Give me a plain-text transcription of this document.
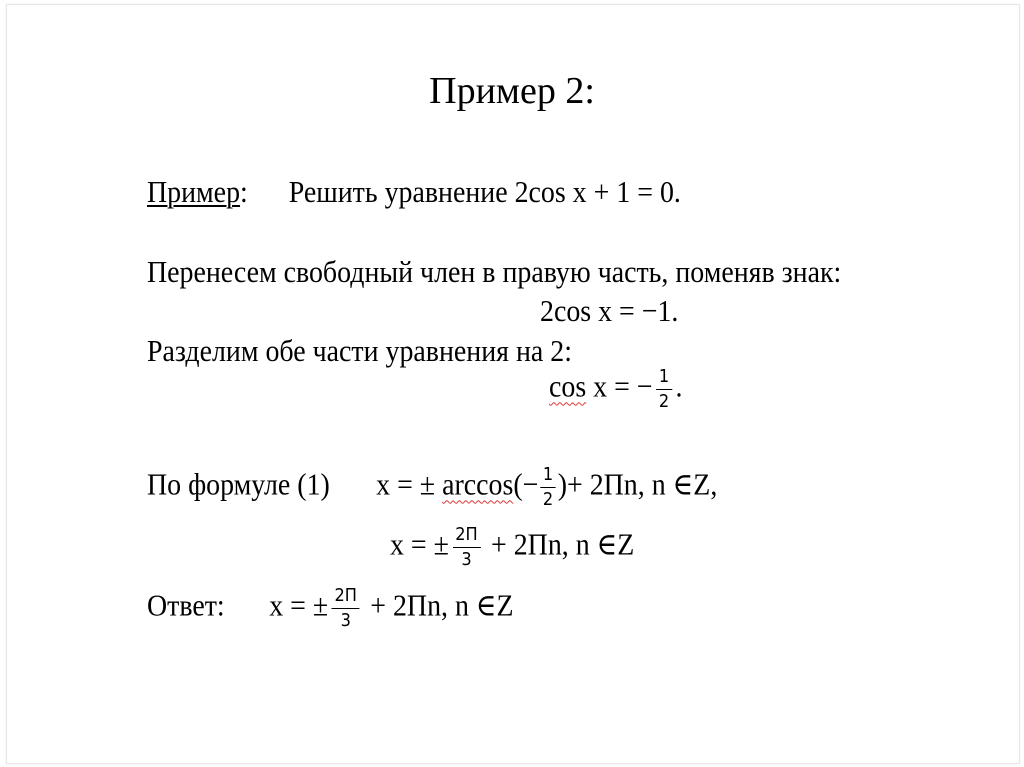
Пример 2:
Пример: Решить уравнение 2cos x + 1 = 0.
Перенесем свободный член в правую часть, поменяв знак:
2cos x = −1.
Разделим обе части уравнения на 2:
cos x = − $\frac{1}{2}$ .
По формуле (1) x = ± $\arccos(- \frac{1}{2}$ )+ 2Пn, n ∈Z,
x = ± $\frac{2П}{3} + 2Пn$, n ∈Z
Ответ: x = ± $\frac{2П}{3} + 2Пn$, n ∈Z
